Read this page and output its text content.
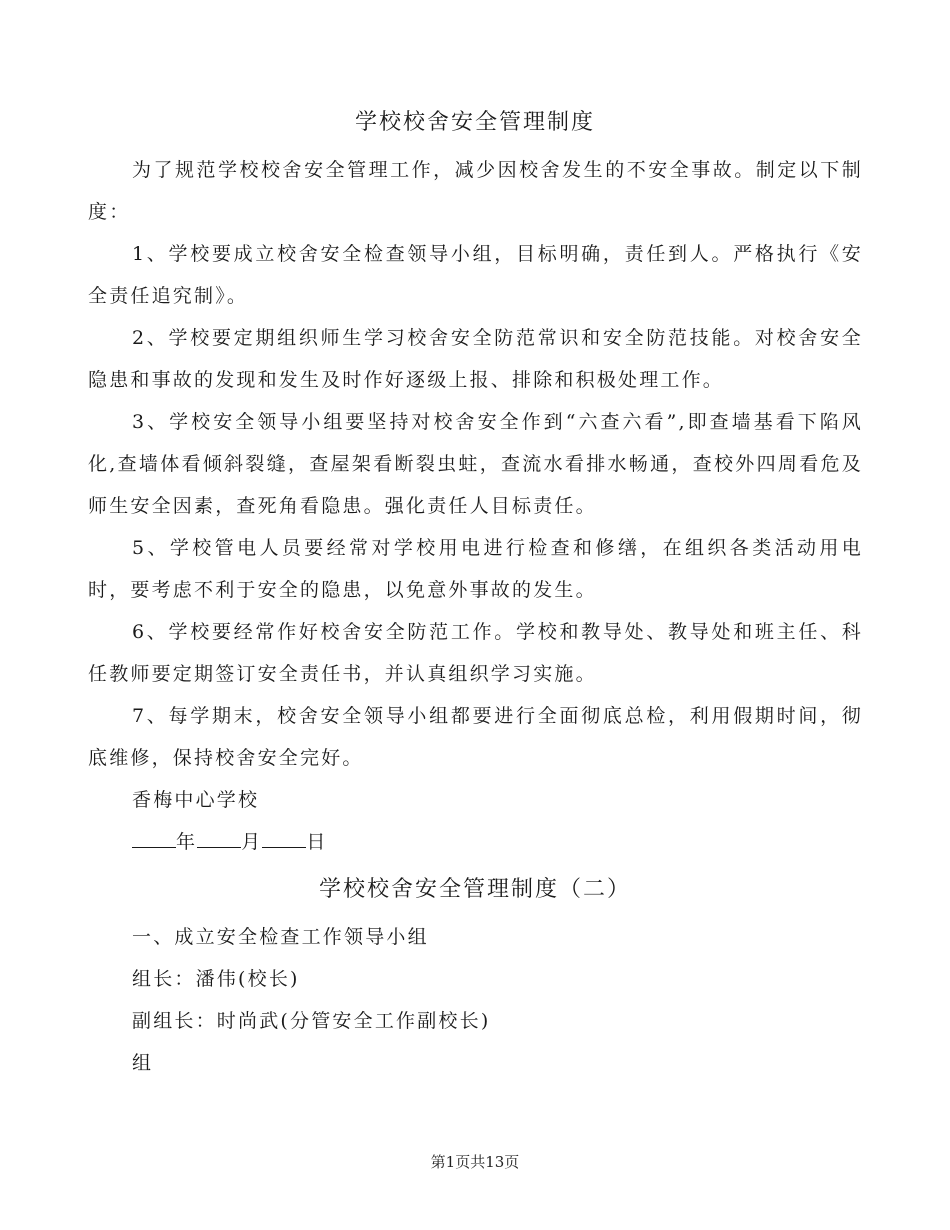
学校校舍安全管理制度

为了规范学校校舍安全管理工作，减少因校舍发生的不安全事故。制定以下制度：

1、学校要成立校舍安全检查领导小组，目标明确，责任到人。严格执行《安全责任追究制》。

2、学校要定期组织师生学习校舍安全防范常识和安全防范技能。对校舍安全隐患和事故的发现和发生及时作好逐级上报、排除和积极处理工作。

3、学校安全领导小组要坚持对校舍安全作到“六查六看”,即查墙基看下陷风化,查墙体看倾斜裂缝，查屋架看断裂虫蛀，查流水看排水畅通，查校外四周看危及师生安全因素，查死角看隐患。强化责任人目标责任。

5、学校管电人员要经常对学校用电进行检查和修缮，在组织各类活动用电时，要考虑不利于安全的隐患，以免意外事故的发生。

6、学校要经常作好校舍安全防范工作。学校和教导处、教导处和班主任、科任教师要定期签订安全责任书，并认真组织学习实施。

7、每学期末，校舍安全领导小组都要进行全面彻底总检，利用假期时间，彻底维修，保持校舍安全完好。

香梅中心学校

年 月 日

学校校舍安全管理制度（二）

一、成立安全检查工作领导小组

组长：潘伟(校长)

副组长：时尚武(分管安全工作副校长)

组

第1页共13页
